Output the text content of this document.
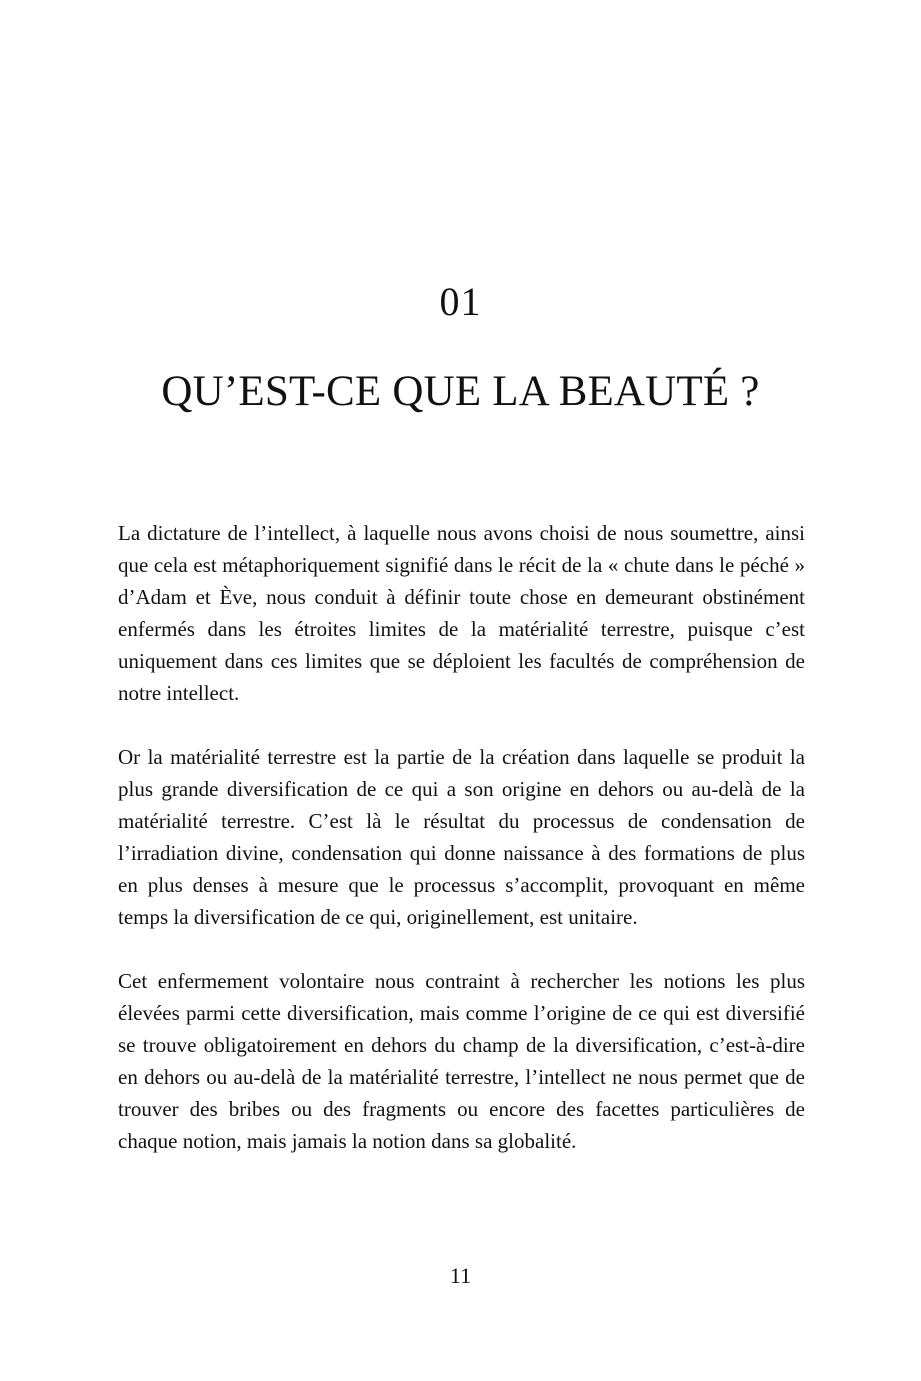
01
QU’EST-CE QUE LA BEAUTÉ ?

La dictature de l’intellect, à laquelle nous avons choisi de nous soumettre, ainsi que cela est métaphoriquement signifié dans le récit de la « chute dans le péché » d’Adam et Ève, nous conduit à définir toute chose en demeurant obstinément enfermés dans les étroites limites de la matérialité terrestre, puisque c’est uniquement dans ces limites que se déploient les facultés de compréhension de notre intellect.

Or la matérialité terrestre est la partie de la création dans laquelle se produit la plus grande diversification de ce qui a son origine en dehors ou au-delà de la matérialité terrestre. C’est là le résultat du processus de condensation de l’irradiation divine, condensation qui donne naissance à des formations de plus en plus denses à mesure que le processus s’accomplit, provoquant en même temps la diversification de ce qui, originellement, est unitaire.

Cet enfermement volontaire nous contraint à rechercher les notions les plus élevées parmi cette diversification, mais comme l’origine de ce qui est diversifié se trouve obligatoirement en dehors du champ de la diversification, c’est-à-dire en dehors ou au-delà de la matérialité terrestre, l’intellect ne nous permet que de trouver des bribes ou des fragments ou encore des facettes particulières de chaque notion, mais jamais la notion dans sa globalité.

11
